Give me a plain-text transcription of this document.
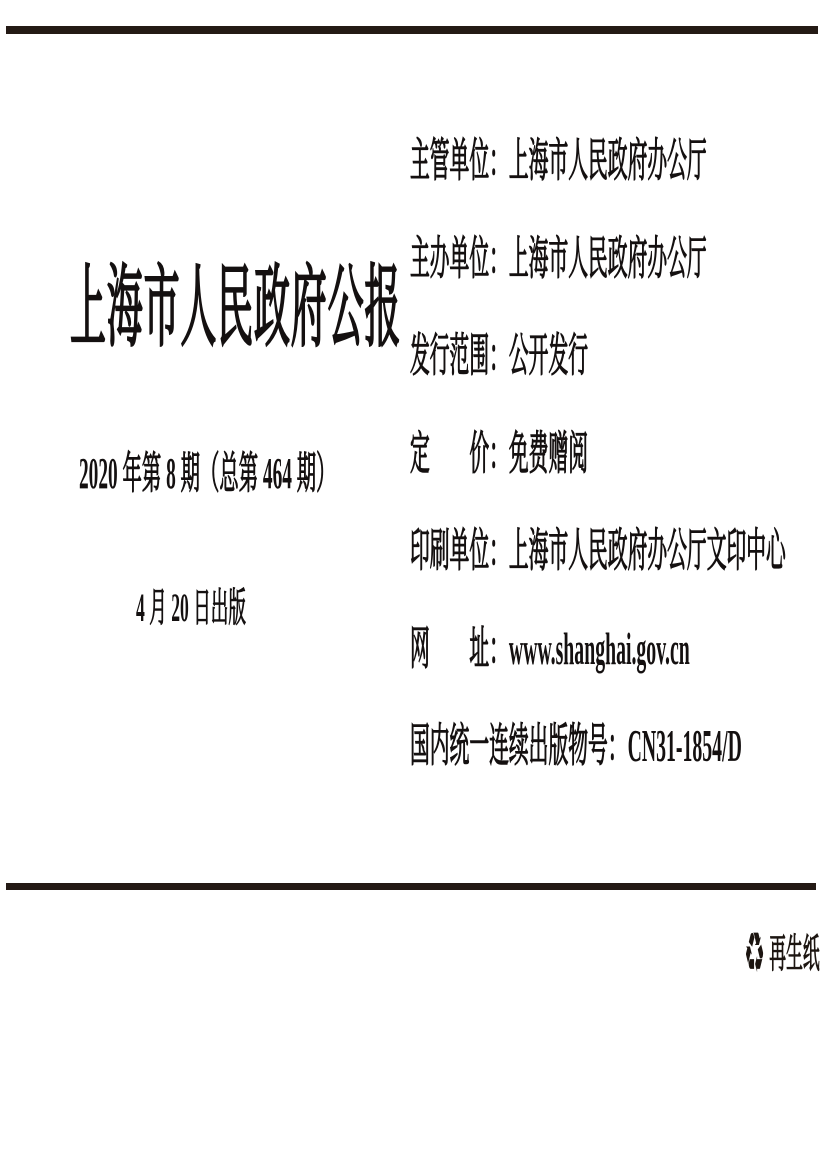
上海市人民政府公报
2020 年第 8 期（总第 464 期）
4 月 20 日出版
主管单位：上海市人民政府办公厅
主办单位：上海市人民政府办公厅
发行范围：公开发行
定　　价：免费赠阅
印刷单位：上海市人民政府办公厅文印中心
网　　址：www.shanghai.gov.cn
国内统一连续出版物号：CN31-1854/D
♻ 再生纸
